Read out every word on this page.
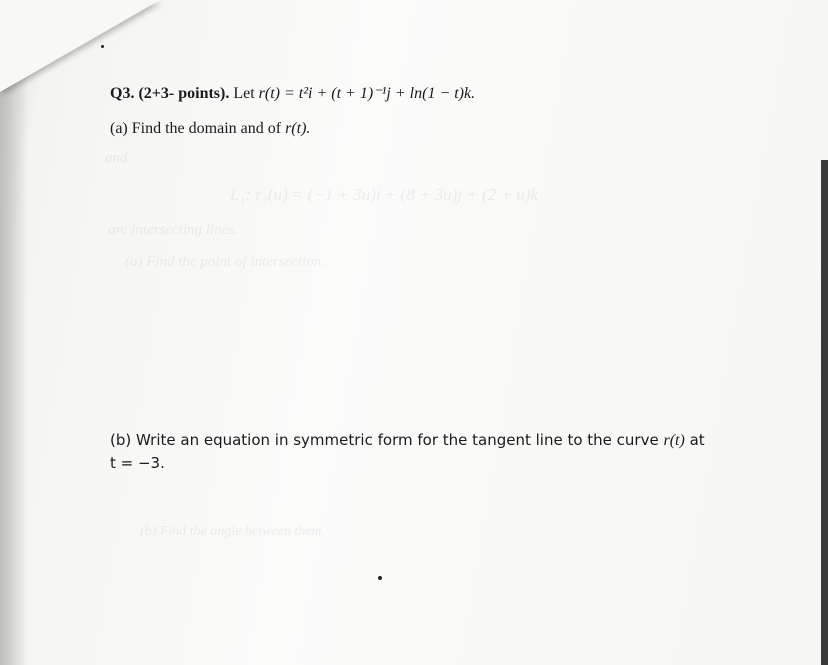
L₁: r₁(u) = (−1 + 3u)i + (8 + 3u)j + (2 + u)k
are intersecting lines.
(a) Find the point of intersection.
and
(b) Find the angle between them.
Q3. (2+3- points). Let r(t) = t²i + (t + 1)⁻¹j + ln(1 − t)k.
(a) Find the domain and of r(t).
(b) Write an equation in symmetric form for the tangent line to the curve r(t) at
t = −3.
